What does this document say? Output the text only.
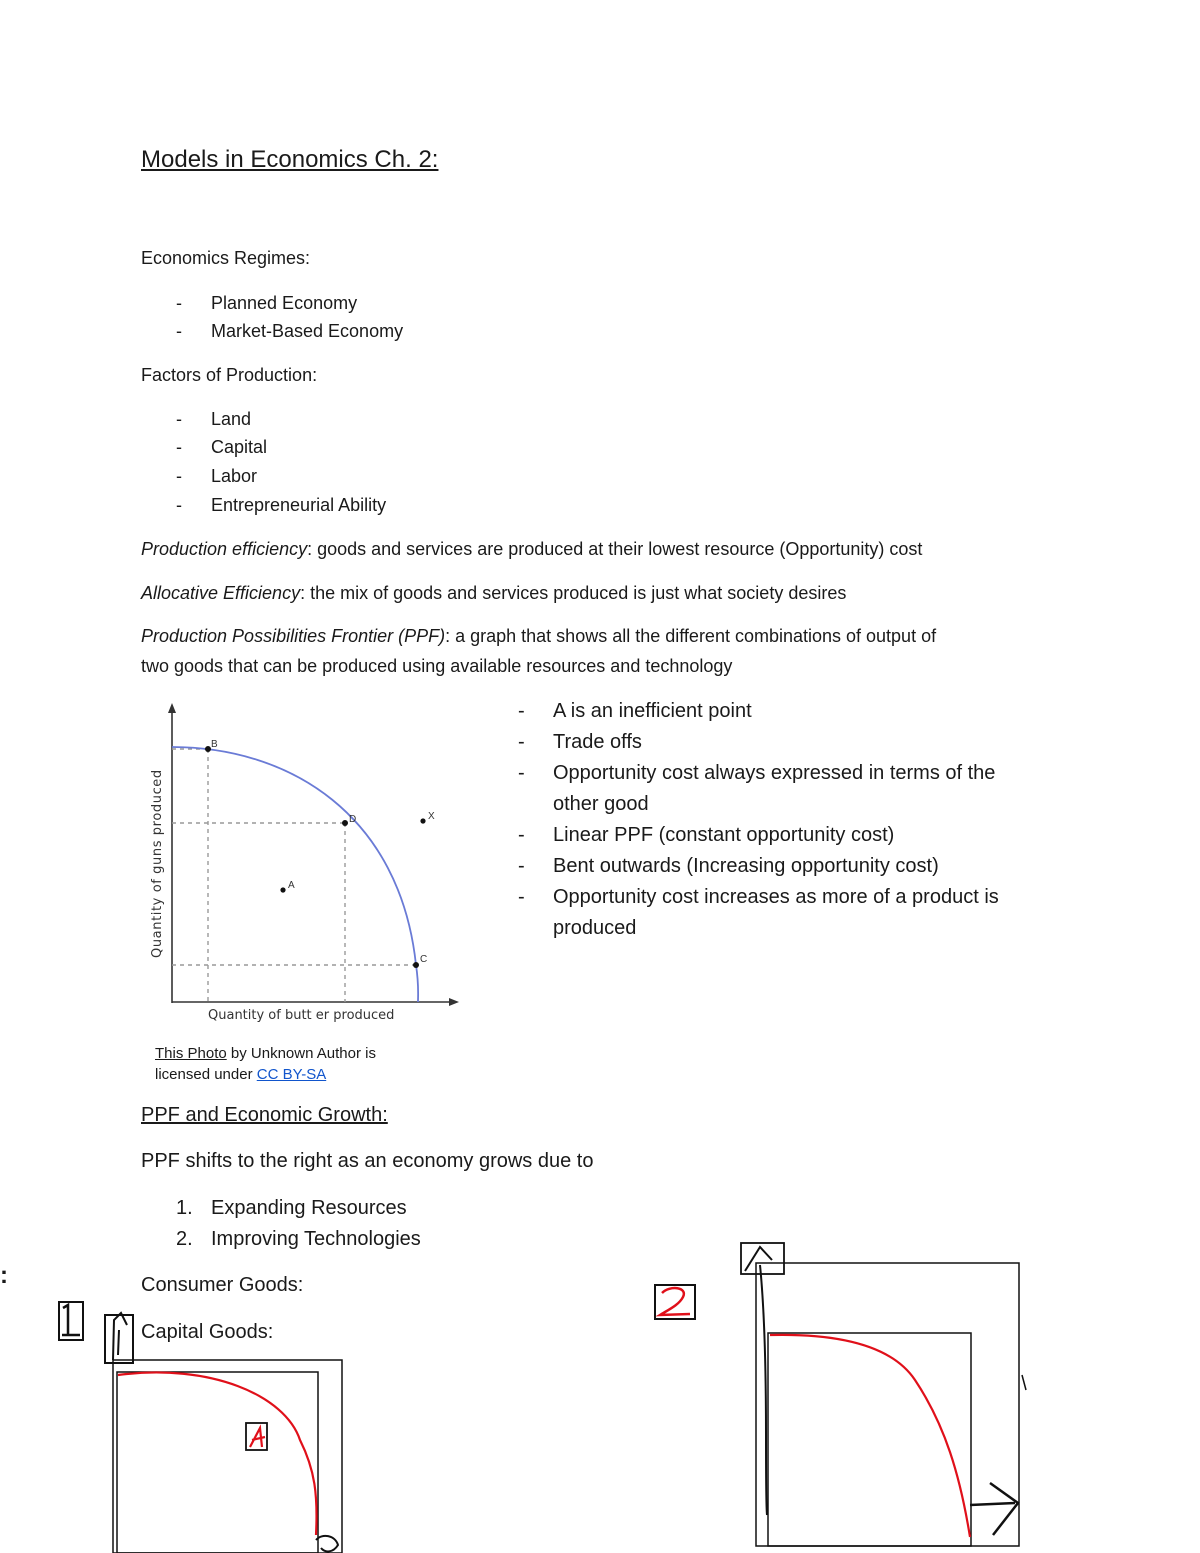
Models in Economics Ch. 2:
Economics Regimes:
- Planned Economy
- Market-Based Economy
Factors of Production:
- Land
- Capital
- Labor
- Entrepreneurial Ability
Production efficiency: goods and services are produced at their lowest resource (Opportunity) cost
Allocative Efficiency: the mix of goods and services produced is just what society desires
Production Possibilities Frontier (PPF): a graph that shows all the different combinations of output of
two goods that can be produced using available resources and technology
B
D
C
A
X
Quantity of guns produced
Quantity of butt er produced
This Photo by Unknown Author is
licensed under CC BY-SA
- A is an inefficient point
- Trade offs
- Opportunity cost always expressed in terms of the
other good
- Linear PPF (constant opportunity cost)
- Bent outwards (Increasing opportunity cost)
- Opportunity cost increases as more of a product is
produced
PPF and Economic Growth:
PPF shifts to the right as an economy grows due to
1. Expanding Resources
2. Improving Technologies
Consumer Goods:
Capital Goods:
:
